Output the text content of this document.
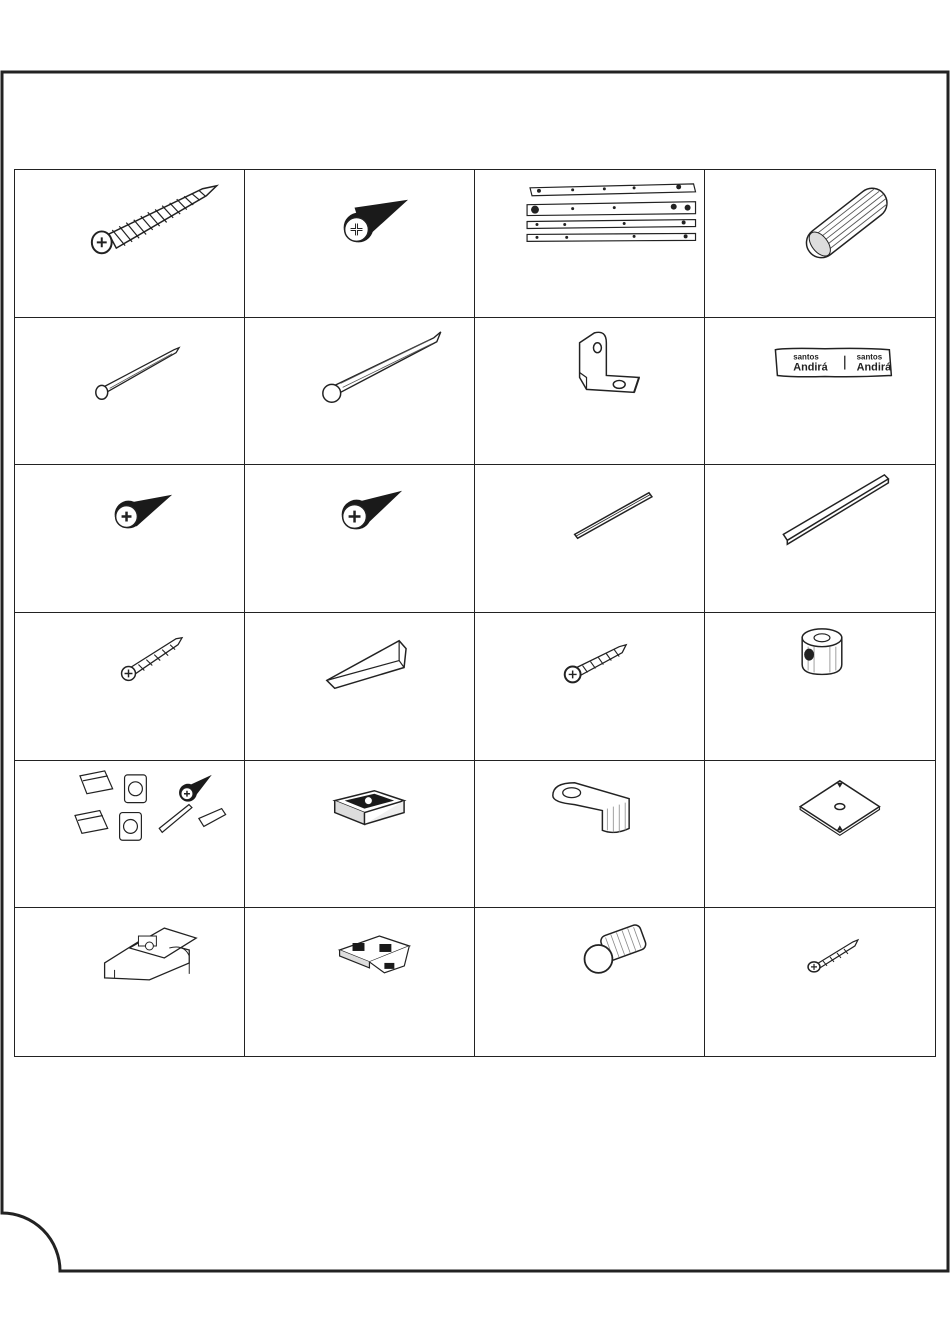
santos
Andirá
santos
Andirá
